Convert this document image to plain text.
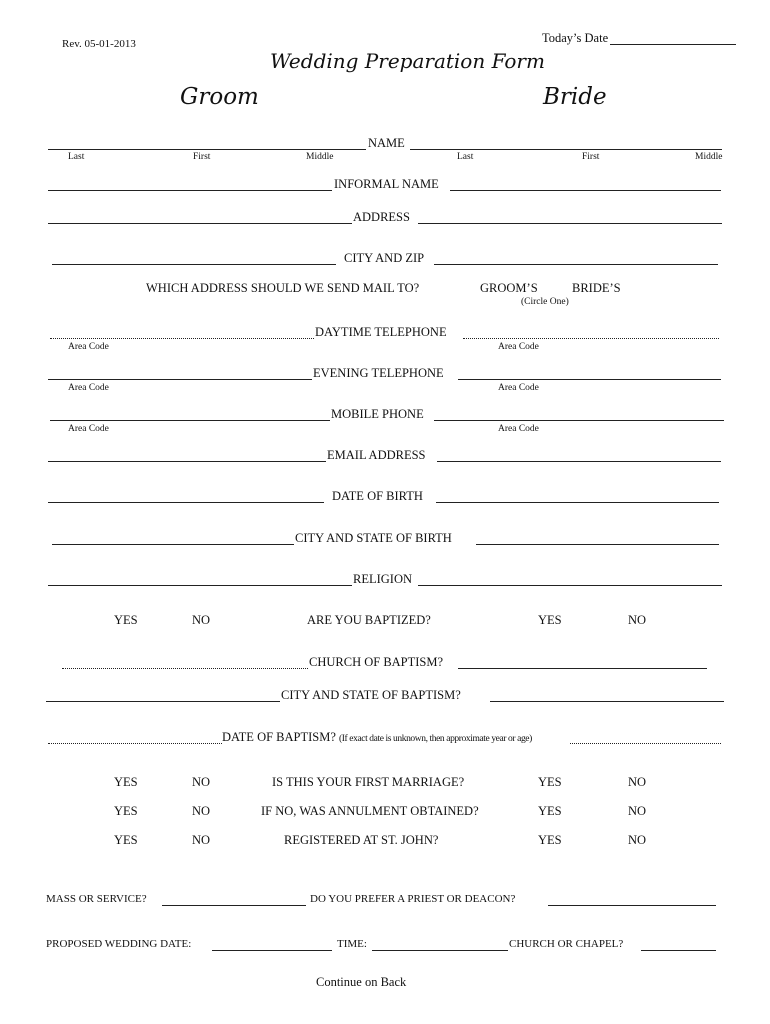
Rev. 05-01-2013	Today’s Date
Wedding Preparation Form
Groom	Bride
NAME
Last	First	Middle	Last	First	Middle
INFORMAL NAME
ADDRESS
CITY AND ZIP
WHICH ADDRESS SHOULD WE SEND MAIL TO?	GROOM’S	BRIDE’S
(Circle One)
DAYTIME TELEPHONE
Area Code	Area Code
EVENING TELEPHONE
Area Code	Area Code
MOBILE PHONE
Area Code	Area Code
EMAIL ADDRESS
DATE OF BIRTH
CITY AND STATE OF BIRTH
RELIGION
YES	NO	ARE YOU BAPTIZED?	YES	NO
CHURCH OF BAPTISM?
CITY AND STATE OF BAPTISM?
DATE OF BAPTISM? (If exact date is unknown, then approximate year or age)
YES	NO	IS THIS YOUR FIRST MARRIAGE?	YES	NO
YES	NO	IF NO, WAS ANNULMENT OBTAINED?	YES	NO
YES	NO	REGISTERED AT ST. JOHN?	YES	NO
MASS OR SERVICE?	DO YOU PREFER A PRIEST OR DEACON?
PROPOSED WEDDING DATE:	TIME:	CHURCH OR CHAPEL?
Continue on Back
